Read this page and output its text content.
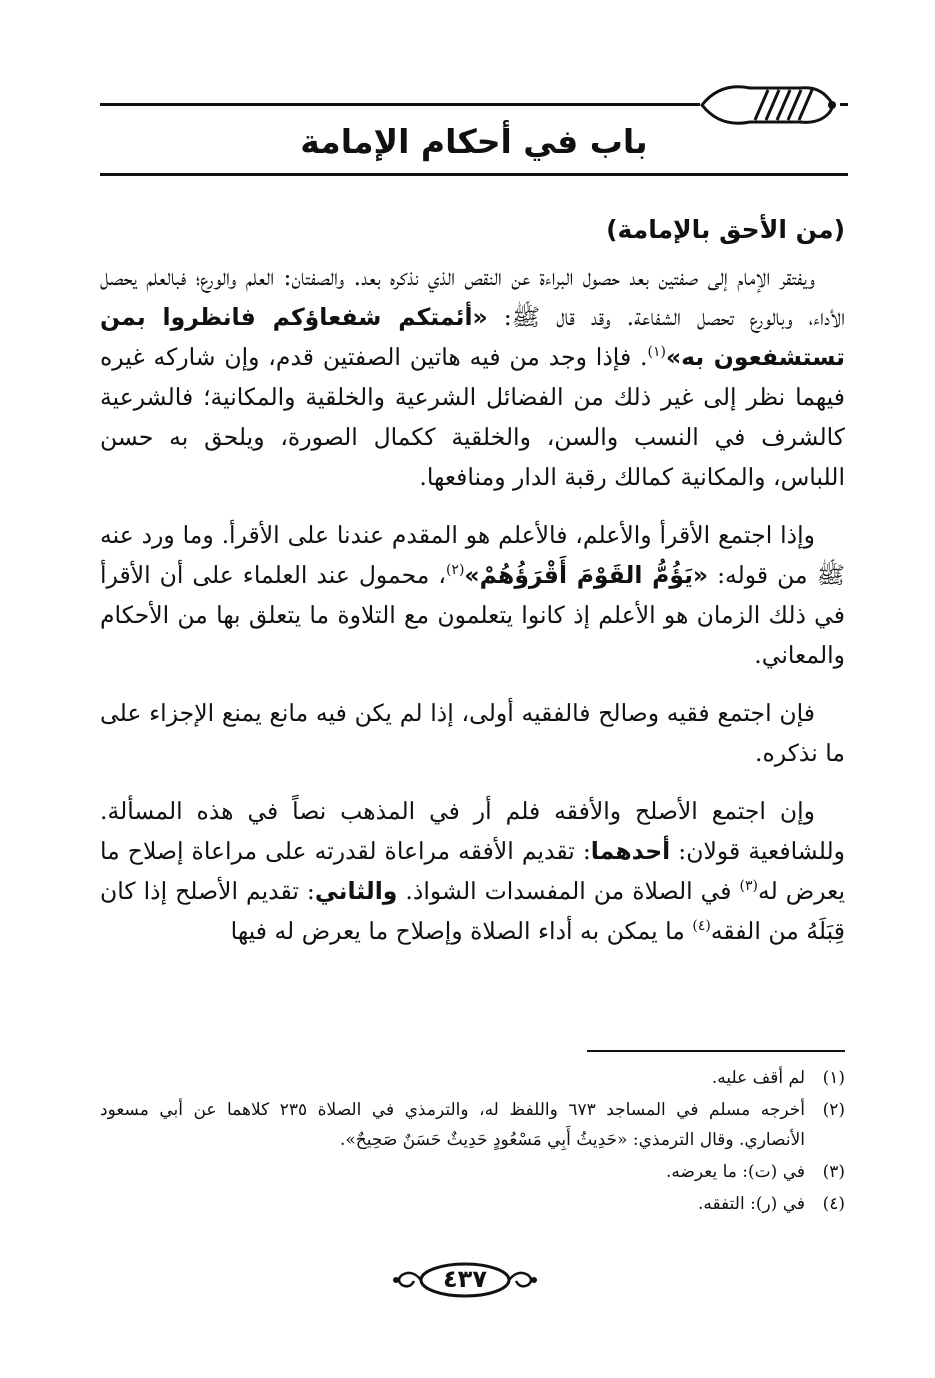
باب في أحكام الإمامة
(من الأحق بالإمامة)

ويفتقر الإمام إلى صفتين بعد حصول البراءة عن النقص الذي نذكره بعد. والصفتان: العلم والورع؛ فبالعلم يحصل الأداء، وبالورع تحصل الشفاعة. وقد قال ﷺ: «أئمتكم شفعاؤكم فانظروا بمن تستشفعون به»$^{(١)}$. فإذا وجد من فيه هاتين الصفتين قدم، وإن شاركه غيره فيهما نظر إلى غير ذلك من الفضائل الشرعية والخلقية والمكانية؛ فالشرعية كالشرف في النسب والسن، والخلقية ككمال الصورة، ويلحق به حسن اللباس، والمكانية كمالك رقبة الدار ومنافعها.

وإذا اجتمع الأقرأ والأعلم، فالأعلم هو المقدم عندنا على الأقرأ. وما ورد عنه ﷺ من قوله: «يَؤُمُّ القَوْمَ أَقْرَؤُهُمْ»$^{(٢)}$، محمول عند العلماء على أن الأقرأ في ذلك الزمان هو الأعلم إذ كانوا يتعلمون مع التلاوة ما يتعلق بها من الأحكام والمعاني.

فإن اجتمع فقيه وصالح فالفقيه أولى، إذا لم يكن فيه مانع يمنع الإجزاء على ما نذكره.

وإن اجتمع الأصلح والأفقه فلم أر في المذهب نصاً في هذه المسألة. وللشافعية قولان: أحدهما: تقديم الأفقه مراعاة لقدرته على مراعاة إصلاح ما يعرض له$^{(٣)}$ في الصلاة من المفسدات الشواذ. والثاني: تقديم الأصلح إذا كان قِبَلَهُ من الفقه$^{(٤)}$ ما يمكن به أداء الصلاة وإصلاح ما يعرض له فيها

(١)
لم أقف عليه.
(٢)
أخرجه مسلم في المساجد ٦٧٣ واللفظ له، والترمذي في الصلاة ٢٣٥ كلاهما عن أبي مسعود الأنصاري. وقال الترمذي: «حَدِيثُ أَبِي مَسْعُودٍ حَدِيثٌ حَسَنٌ صَحِيحٌ».
(٣)
في (ت): ما يعرضه.
(٤)
في (ر): التفقه.
٤٣٧
